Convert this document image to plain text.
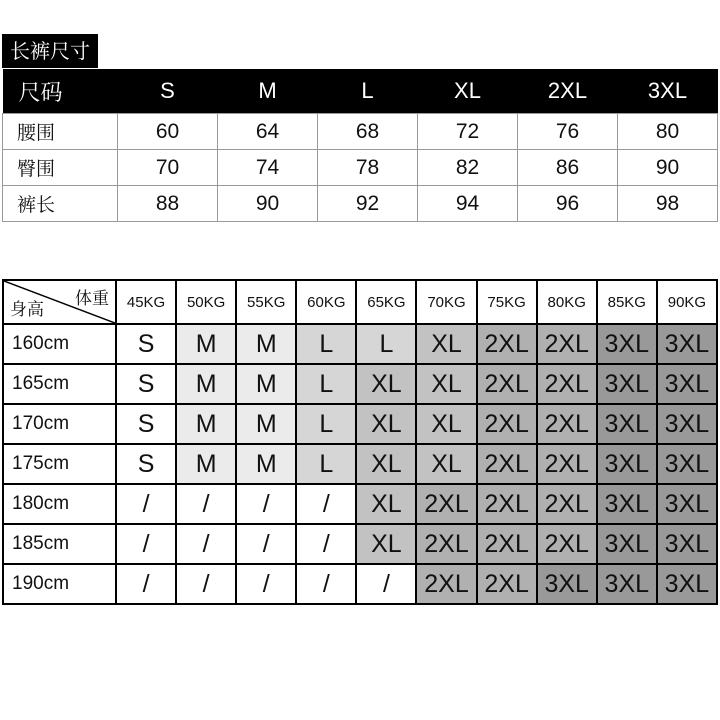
长裤尺寸
尺码	S	M	L	XL	2XL	3XL
腰围	60	64	68	72	76	80
臀围	70	74	78	82	86	90
裤长	88	90	92	94	96	98
体重
身高	45KG	50KG	55KG	60KG	65KG	70KG	75KG	80KG	85KG	90KG
160cm	S	M	M	L	L	XL	2XL	2XL	3XL	3XL
165cm	S	M	M	L	XL	XL	2XL	2XL	3XL	3XL
170cm	S	M	M	L	XL	XL	2XL	2XL	3XL	3XL
175cm	S	M	M	L	XL	XL	2XL	2XL	3XL	3XL
180cm	/	/	/	/	XL	2XL	2XL	2XL	3XL	3XL
185cm	/	/	/	/	XL	2XL	2XL	2XL	3XL	3XL
190cm	/	/	/	/	/	2XL	2XL	3XL	3XL	3XL
